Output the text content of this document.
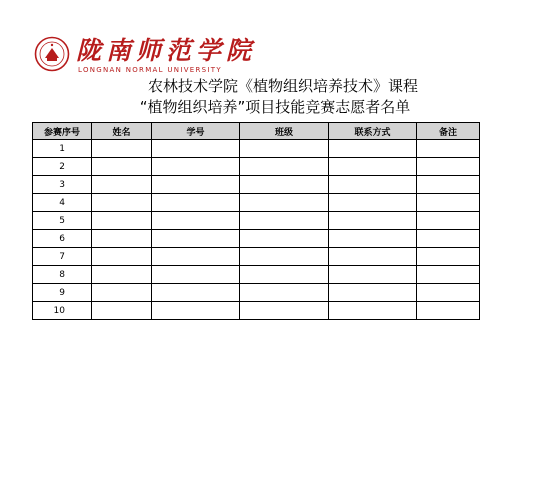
陇南师范学院
LONGNAN NORMAL UNIVERSITY
农林技术学院《植物组织培养技术》课程
“植物组织培养”项目技能竞赛志愿者名单
参赛序号	姓名	学号	班级	联系方式	备注
1					
2					
3					
4					
5					
6					
7					
8					
9					
10					
